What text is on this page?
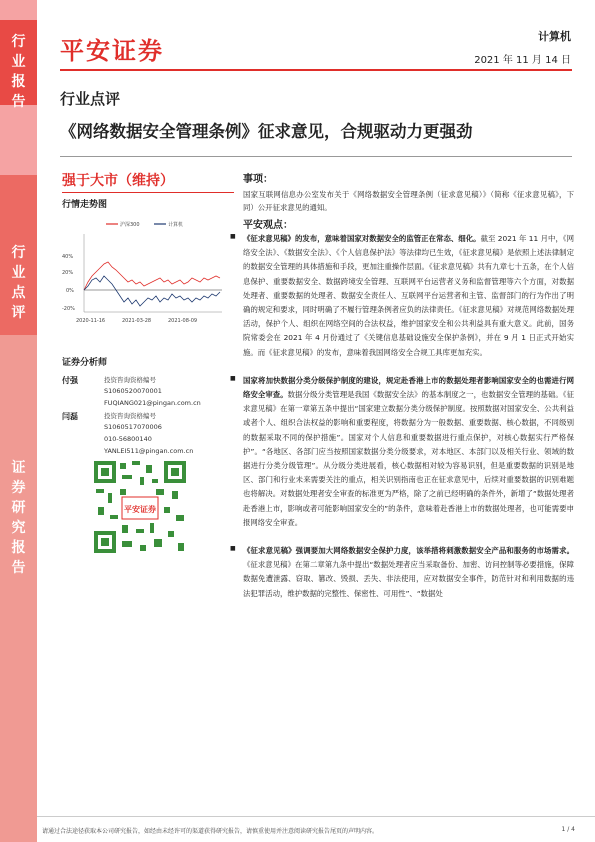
行
业
报
告
行
业
点
评
证
券
研
究
报
告
平安证券
计算机
2021 年 11 月 14 日
行业点评
《网络数据安全管理条例》征求意见，合规驱动力更强劲
强于大市（维持）
行情走势图
沪深300	计算机
40%
20%
0%
-20%
2020-11-16	2021-03-28	2021-08-09
证券分析师
付强	投资咨询资格编号
S1060520070001
FUQIANG021@pingan.com.cn
闫磊	投资咨询资格编号
S1060517070006
010-56800140
YANLEI511@pingan.com.cn
平安证券
事项：

国家互联网信息办公室发布关于《网络数据安全管理条例（征求意见稿）》（简称《征求意见稿》，下同）公开征求意见的通知。

平安观点：
■ 《征求意见稿》的发布，意味着国家对数据安全的监管正在常态、细化。截至 2021 年 11 月中，《网络安全法》、《数据安全法》、《个人信息保护法》等法律均已生效，《征求意见稿》是依照上述法律制定的数据安全管理的具体措施和手段，更加注重操作层面。《征求意见稿》共有九章七十五条，在个人信息保护、重要数据安全、数据跨境安全管理、互联网平台运营者义务和监督管理等六个方面，对数据处理者、重要数据的处理者、数据安全责任人、互联网平台运营者和主管、监督部门的行为作出了明确的规定和要求，同时明确了不履行管理条例者应负的法律责任。《征求意见稿》对规范网络数据处理活动，保护个人、组织在网络空间的合法权益，维护国家安全和公共利益具有重大意义。此前，国务院常委会在 2021 年 4 月份通过了《关键信息基础设施安全保护条例》，并在 9 月 1 日正式开始实施。而《征求意见稿》的发布，意味着我国网络安全合规工具库更加充实。

■ 国家将加快数据分类分级保护制度的建设，规定赴香港上市的数据处理者影响国家安全的也需进行网络安全审查。数据分级分类管理是我国《数据安全法》的基本制度之一，也数据安全管理的基础。《征求意见稿》在第一章第五条中提出“国家建立数据分类分级保护制度。按照数据对国家安全、公共利益或者个人、组织合法权益的影响和重要程度，将数据分为一般数据、重要数据、核心数据，不同级别的数据采取不同的保护措施”。国家对个人信息和重要数据进行重点保护，对核心数据实行严格保护”。“各地区、各部门应当按照国家数据分类分级要求，对本地区、本部门以及相关行业、领域的数据进行分类分级管理”。从分级分类进展看，核心数据相对较为容易识别，但是重要数据的识别是地区、部门和行业未来需要关注的重点，相关识别指南也正在征求意见中，后续对重要数据的识别难题也将解决。对数据处理者安全审查的标准更为严格，除了之前已经明确的条件外，新增了“数据处理者赴香港上市，影响或者可能影响国家安全的”的条件，意味着赴香港上市的数据处理者，也可能需要申报网络安全审查。

■ 《征求意见稿》强调要加大网络数据安全保护力度，该举措将刺激数据安全产品和服务的市场需求。《征求意见稿》在第二章第九条中提出“数据处理者应当采取备份、加密、访问控制等必要措施，保障数据免遭泄露、窃取、篡改、毁损、丢失、非法使用，应对数据安全事件，防范针对和利用数据的违法犯罪活动，维护数据的完整性、保密性、可用性”、“数据处

请通过合法途径获取本公司研究报告，如经由未经许可的渠道获得研究报告，请慎重使用并注意阅读研究报告尾页的声明内容。	1 / 4
